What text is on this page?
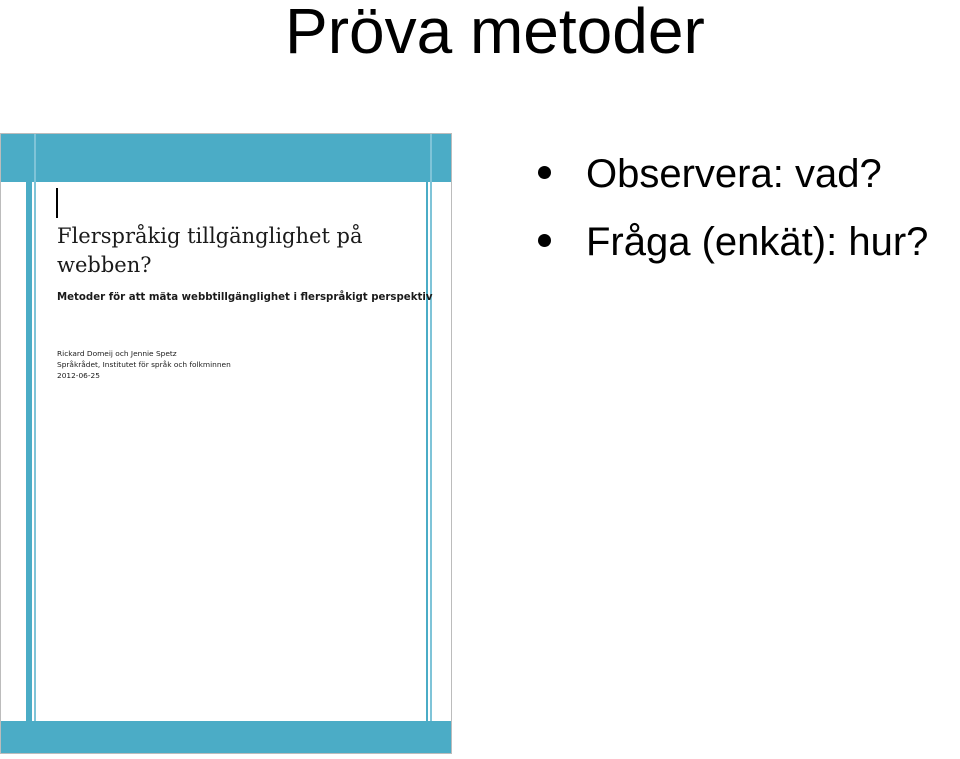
Pröva metoder
Flerspråkig tillgänglighet på webben?
Metoder för att mäta webbtillgänglighet i flerspråkigt perspektiv
Rickard Domeij och Jennie Spetz
Språkrådet, Institutet för språk och folkminnen
2012-06-25
Observera: vad?
Fråga (enkät): hur?
